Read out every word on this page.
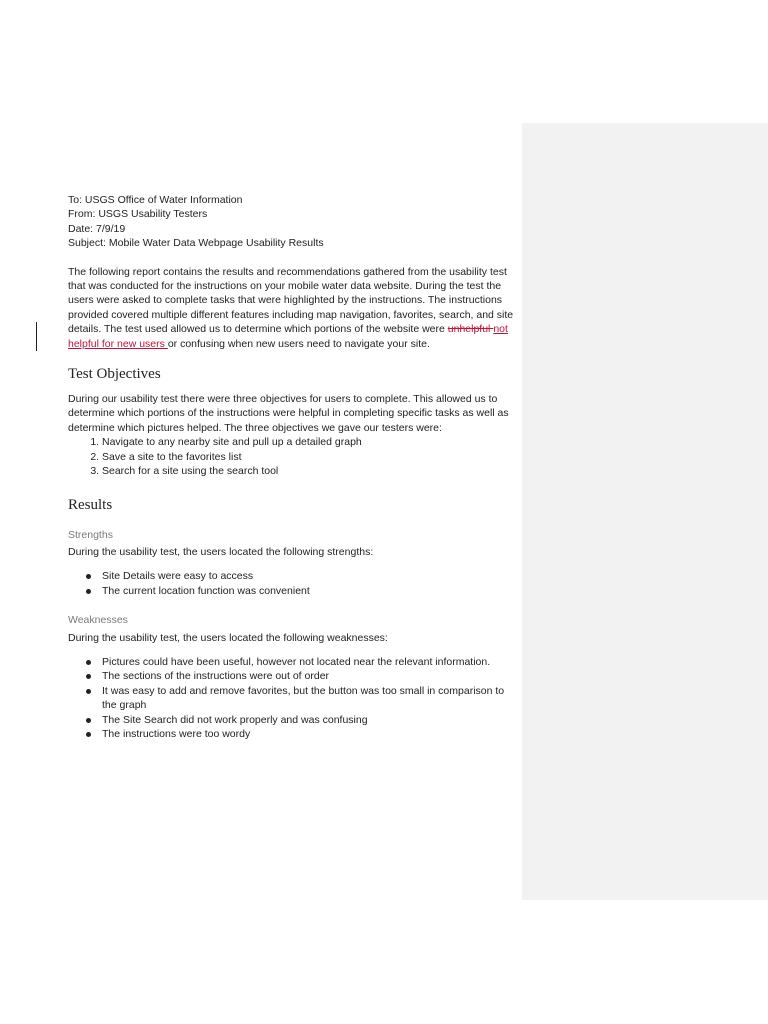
To: USGS Office of Water Information

From: USGS Usability Testers

Date: 7/9/19

Subject: Mobile Water Data Webpage Usability Results

The following report contains the results and recommendations gathered from the usability test that was conducted for the instructions on your mobile water data website. During the test the users were asked to complete tasks that were highlighted by the instructions. The instructions provided covered multiple different features including map navigation, favorites, search, and site details. The test used allowed us to determine which portions of the website were unhelpful not helpful for new users or confusing when new users need to navigate your site.

Test Objectives

During our usability test there were three objectives for users to complete. This allowed us to determine which portions of the instructions were helpful in completing specific tasks as well as determine which pictures helped. The three objectives we gave our testers were:

1. Navigate to any nearby site and pull up a detailed graph
2. Save a site to the favorites list
3. Search for a site using the search tool
Results
Strengths

During the usability test, the users located the following strengths:

Site Details were easy to access
The current location function was convenient
Weaknesses

During the usability test, the users located the following weaknesses:

Pictures could have been useful, however not located near the relevant information.
The sections of the instructions were out of order
It was easy to add and remove favorites, but the button was too small in comparison to the graph
The Site Search did not work properly and was confusing
The instructions were too wordy
